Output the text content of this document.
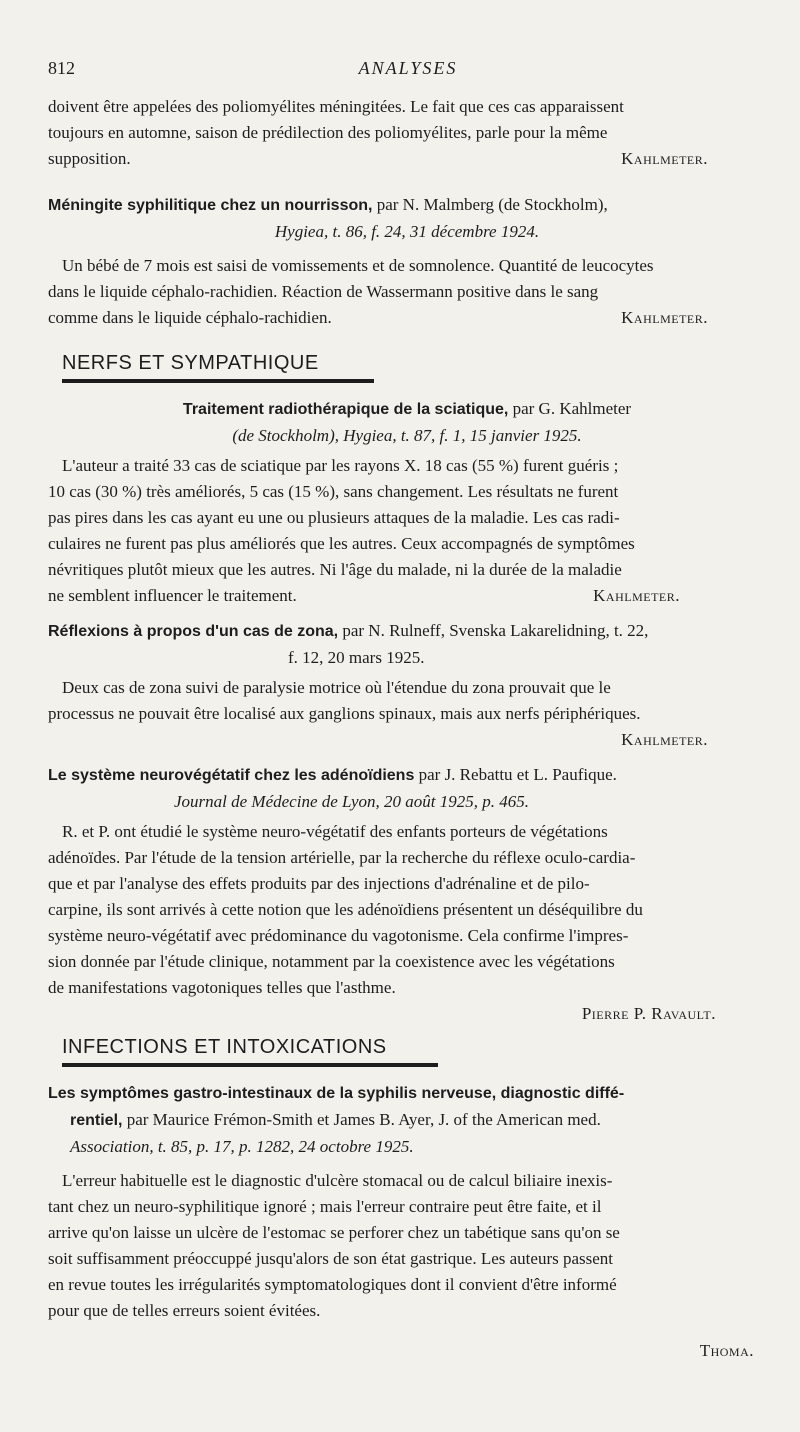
812	ANALYSES

doivent être appelées des poliomyélites méningitées. Le fait que ces cas apparaissent

toujours en automne, saison de prédilection des poliomyélites, parle pour la même

supposition.	Kahlmeter.

Méningite syphilitique chez un nourrisson, par N. Malmberg (de Stockholm),
Hygiea, t. 86, f. 24, 31 décembre 1924.

Un bébé de 7 mois est saisi de vomissements et de somnolence. Quantité de leucocytes

dans le liquide céphalo-rachidien. Réaction de Wassermann positive dans le sang

comme dans le liquide céphalo-rachidien.	Kahlmeter.

NERFS ET SYMPATHIQUE
Traitement radiothérapique de la sciatique, par G. Kahlmeter
(de Stockholm), Hygiea, t. 87, f. 1, 15 janvier 1925.

L'auteur a traité 33 cas de sciatique par les rayons X. 18 cas (55 %) furent guéris ;

10 cas (30 %) très améliorés, 5 cas (15 %), sans changement. Les résultats ne furent

pas pires dans les cas ayant eu une ou plusieurs attaques de la maladie. Les cas radi-

culaires ne furent pas plus améliorés que les autres. Ceux accompagnés de symptômes

névritiques plutôt mieux que les autres. Ni l'âge du malade, ni la durée de la maladie

ne semblent influencer le traitement.	Kahlmeter.

Réflexions à propos d'un cas de zona, par N. Rulneff, Svenska Lakarelidning, t. 22,
f. 12, 20 mars 1925.

Deux cas de zona suivi de paralysie motrice où l'étendue du zona prouvait que le

processus ne pouvait être localisé aux ganglions spinaux, mais aux nerfs périphériques.

Kahlmeter.

Le système neurovégétatif chez les adénoïdiens par J. Rebattu et L. Paufique.
Journal de Médecine de Lyon, 20 août 1925, p. 465.

R. et P. ont étudié le système neuro-végétatif des enfants porteurs de végétations

adénoïdes. Par l'étude de la tension artérielle, par la recherche du réflexe oculo-cardia-

que et par l'analyse des effets produits par des injections d'adrénaline et de pilo-

carpine, ils sont arrivés à cette notion que les adénoïdiens présentent un déséquilibre du

système neuro-végétatif avec prédominance du vagotonisme. Cela confirme l'impres-

sion donnée par l'étude clinique, notamment par la coexistence avec les végétations

de manifestations vagotoniques telles que l'asthme.

Pierre P. Ravault.

INFECTIONS ET INTOXICATIONS
Les symptômes gastro-intestinaux de la syphilis nerveuse, diagnostic diffé-
rentiel, par Maurice Frémon-Smith et James B. Ayer, J. of the American med.
Association, t. 85, p. 17, p. 1282, 24 octobre 1925.

L'erreur habituelle est le diagnostic d'ulcère stomacal ou de calcul biliaire inexis-

tant chez un neuro-syphilitique ignoré ; mais l'erreur contraire peut être faite, et il

arrive qu'on laisse un ulcère de l'estomac se perforer chez un tabétique sans qu'on se

soit suffisamment préoccuppé jusqu'alors de son état gastrique. Les auteurs passent

en revue toutes les irrégularités symptomatologiques dont il convient d'être informé

pour que de telles erreurs soient évitées.

Thoma.
